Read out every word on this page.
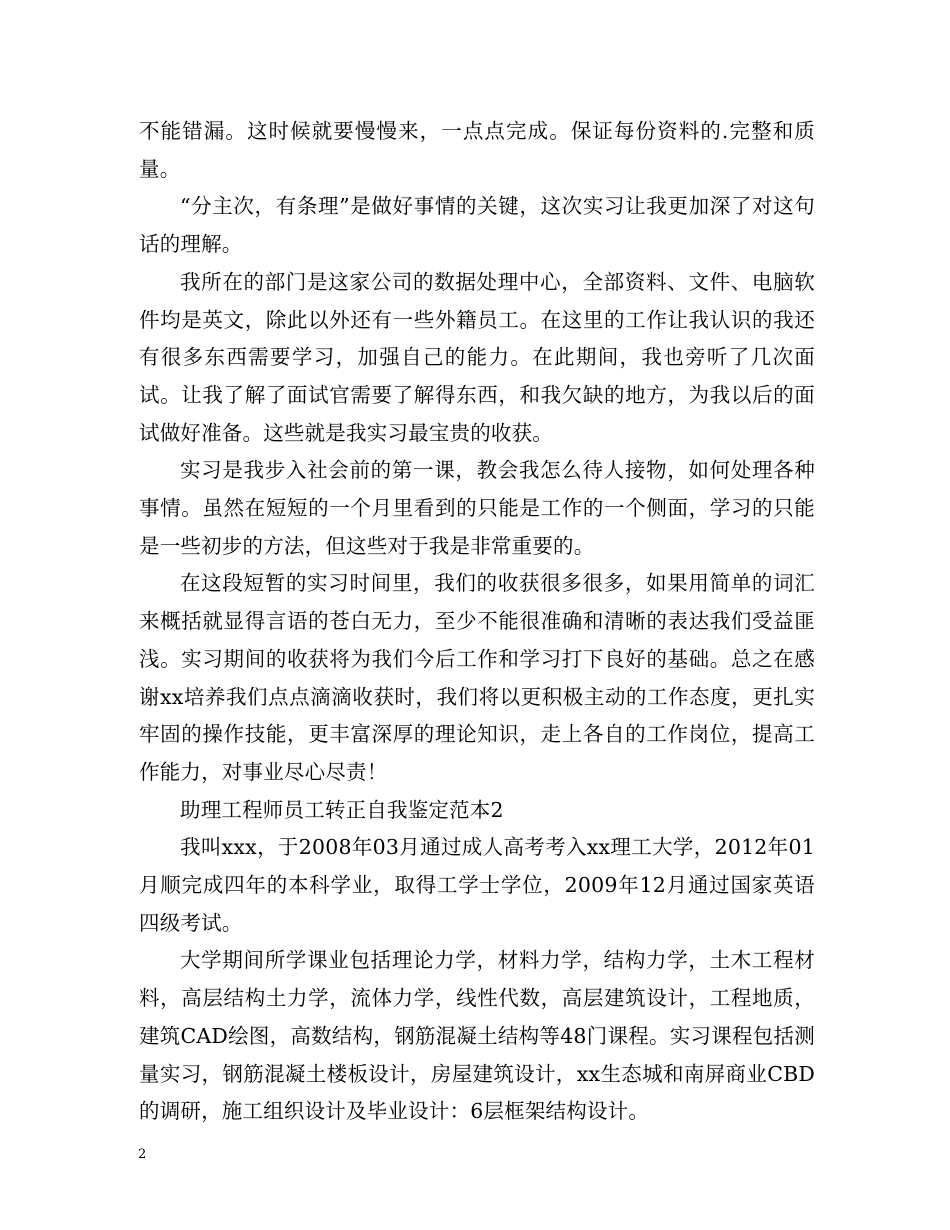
不能错漏。这时候就要慢慢来，一点点完成。保证每份资料的.完整和质量。

“分主次，有条理”是做好事情的关键，这次实习让我更加深了对这句话的理解。

我所在的部门是这家公司的数据处理中心，全部资料、文件、电脑软件均是英文，除此以外还有一些外籍员工。在这里的工作让我认识的我还有很多东西需要学习，加强自己的能力。在此期间，我也旁听了几次面试。让我了解了面试官需要了解得东西，和我欠缺的地方，为我以后的面试做好准备。这些就是我实习最宝贵的收获。

实习是我步入社会前的第一课，教会我怎么待人接物，如何处理各种事情。虽然在短短的一个月里看到的只能是工作的一个侧面，学习的只能是一些初步的方法，但这些对于我是非常重要的。

在这段短暂的实习时间里，我们的收获很多很多，如果用简单的词汇来概括就显得言语的苍白无力，至少不能很准确和清晰的表达我们受益匪浅。实习期间的收获将为我们今后工作和学习打下良好的基础。总之在感谢xx培养我们点点滴滴收获时，我们将以更积极主动的工作态度，更扎实牢固的操作技能，更丰富深厚的理论知识，走上各自的工作岗位，提高工作能力，对事业尽心尽责！

助理工程师员工转正自我鉴定范本2

我叫xxx，于2008年03月通过成人高考考入xx理工大学，2012年01月顺完成四年的本科学业，取得工学士学位，2009年12月通过国家英语四级考试。

大学期间所学课业包括理论力学，材料力学，结构力学，土木工程材料，高层结构土力学，流体力学，线性代数，高层建筑设计，工程地质，建筑CAD绘图，高数结构，钢筋混凝土结构等48门课程。实习课程包括测量实习，钢筋混凝土楼板设计，房屋建筑设计，xx生态城和南屏商业CBD的调研，施工组织设计及毕业设计：6层框架结构设计。

2
